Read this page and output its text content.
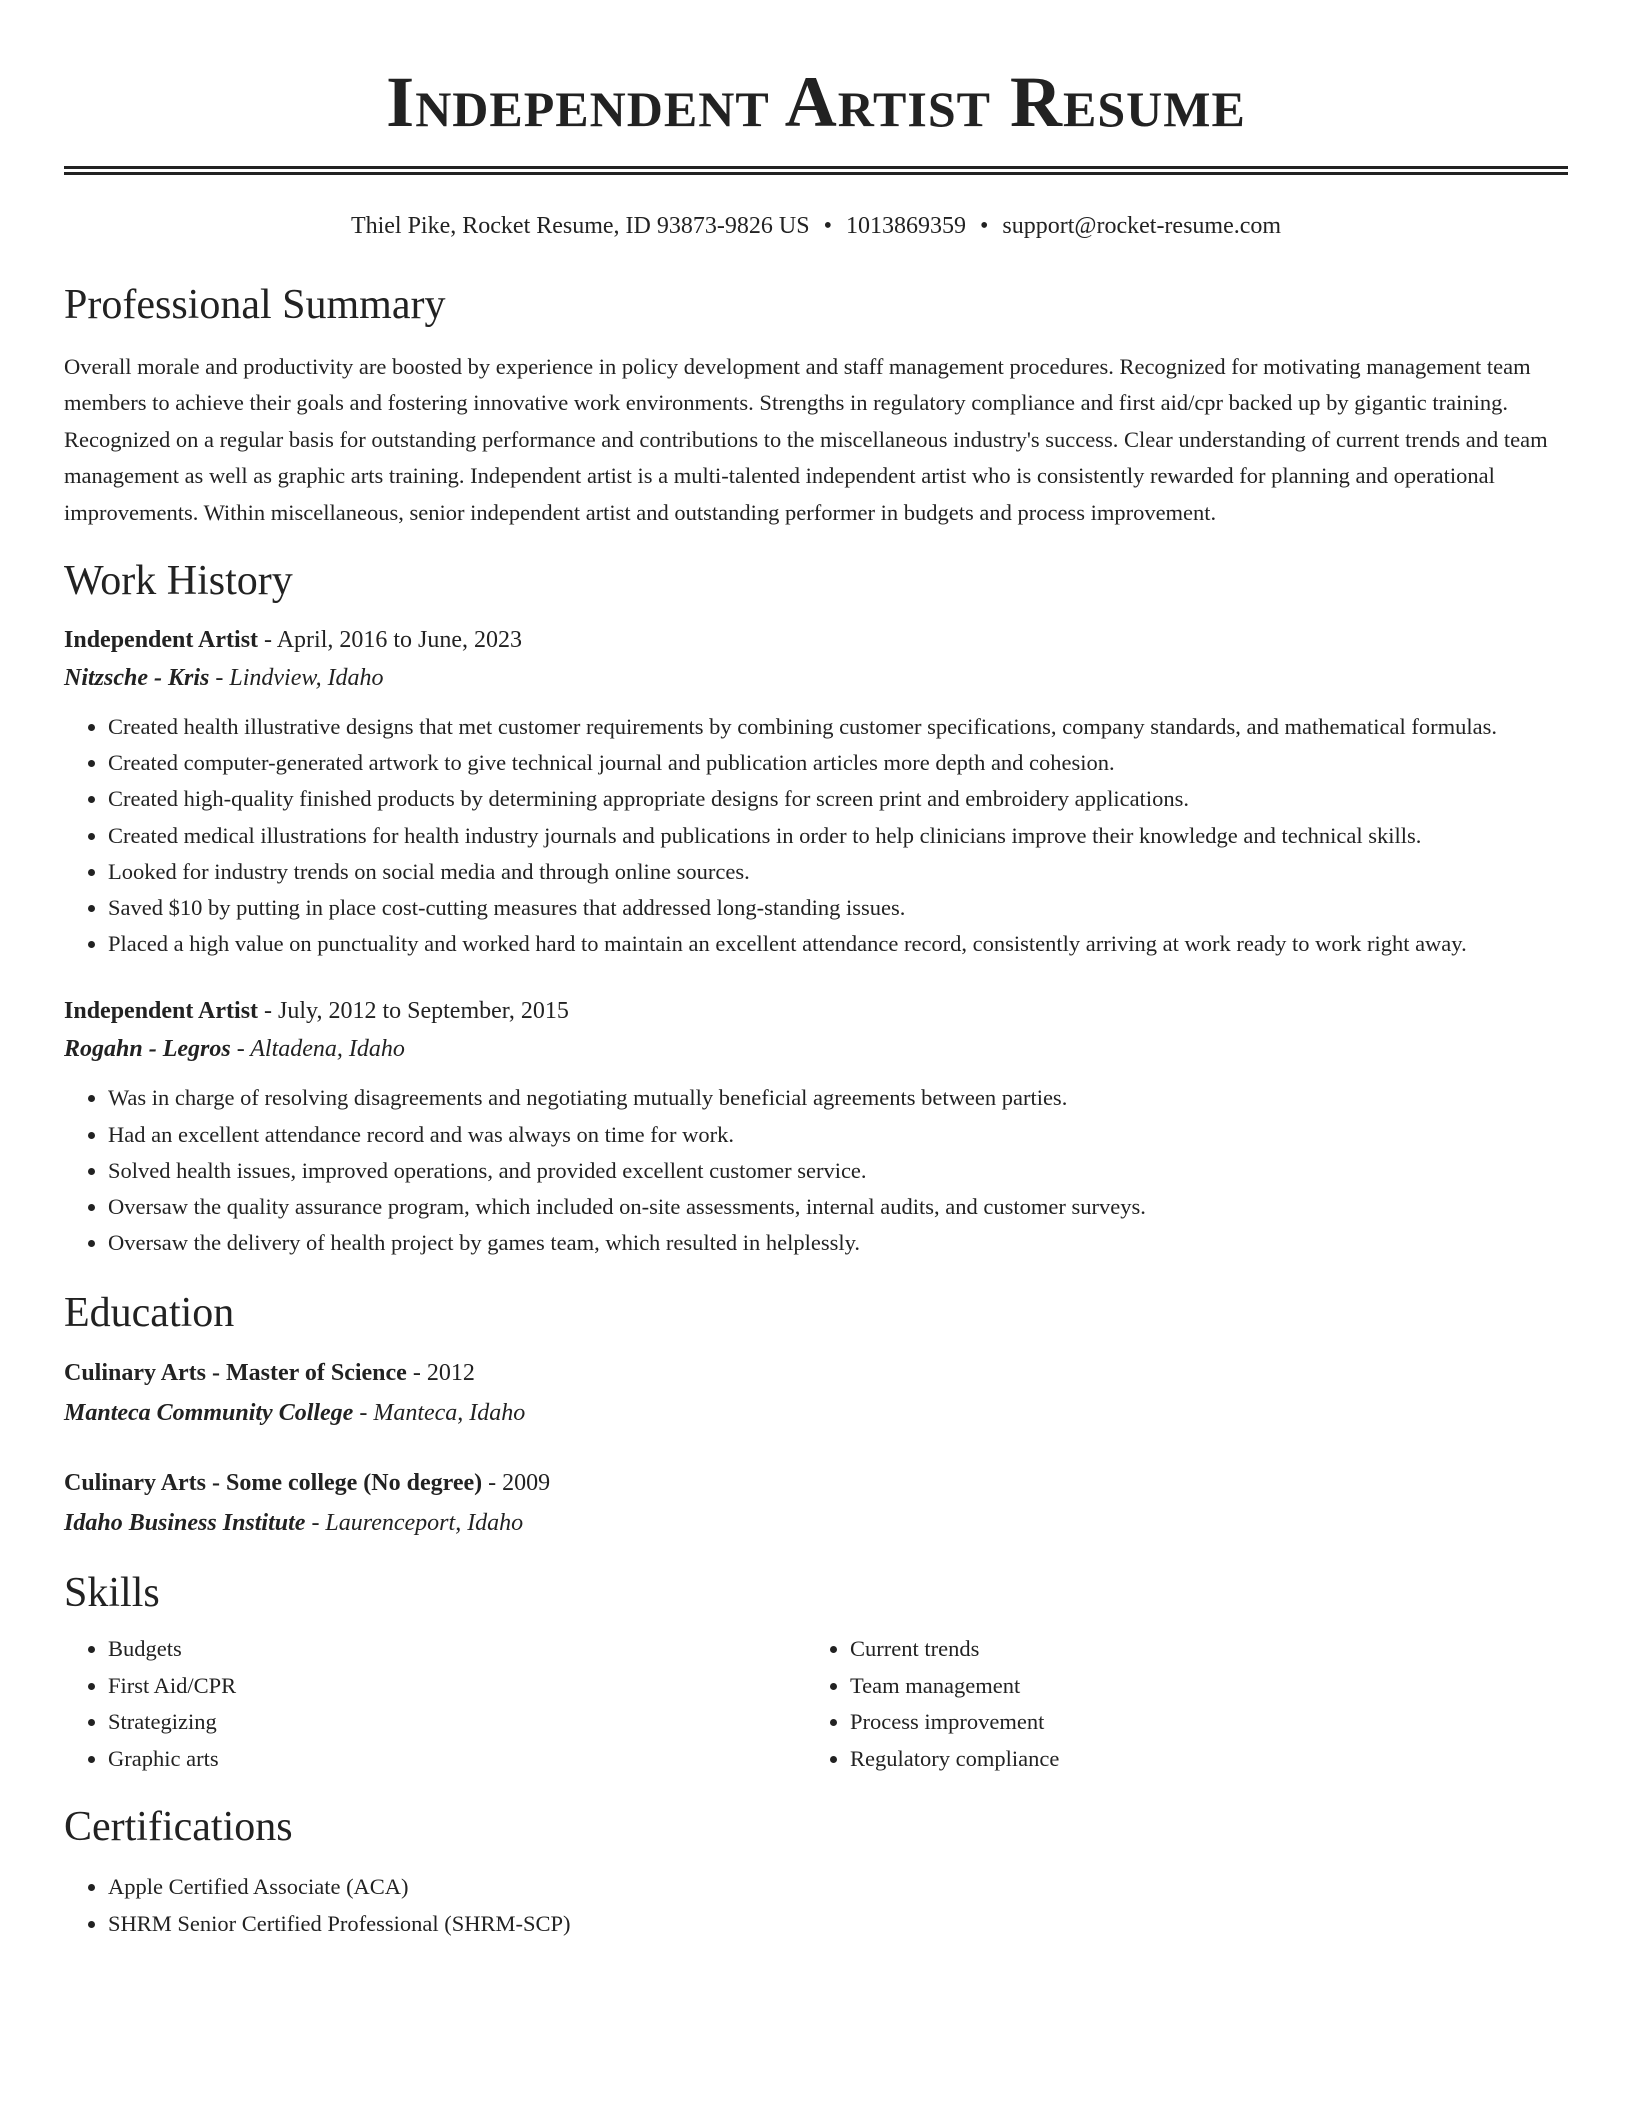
Independent Artist Resume
Thiel Pike, Rocket Resume, ID 93873-9826 US • 1013869359 • support@rocket-resume.com
Professional Summary

Overall morale and productivity are boosted by experience in policy development and staff management procedures. Recognized for motivating management team members to achieve their goals and fostering innovative work environments. Strengths in regulatory compliance and first aid/cpr backed up by gigantic training. Recognized on a regular basis for outstanding performance and contributions to the miscellaneous industry's success. Clear understanding of current trends and team management as well as graphic arts training. Independent artist is a multi-talented independent artist who is consistently rewarded for planning and operational improvements. Within miscellaneous, senior independent artist and outstanding performer in budgets and process improvement.

Work History
Independent Artist - April, 2016 to June, 2023
Nitzsche - Kris - Lindview, Idaho
• Created health illustrative designs that met customer requirements by combining customer specifications, company standards, and mathematical formulas.
• Created computer-generated artwork to give technical journal and publication articles more depth and cohesion.
• Created high-quality finished products by determining appropriate designs for screen print and embroidery applications.
• Created medical illustrations for health industry journals and publications in order to help clinicians improve their knowledge and technical skills.
• Looked for industry trends on social media and through online sources.
• Saved $10 by putting in place cost-cutting measures that addressed long-standing issues.
• Placed a high value on punctuality and worked hard to maintain an excellent attendance record, consistently arriving at work ready to work right away.
Independent Artist - July, 2012 to September, 2015
Rogahn - Legros - Altadena, Idaho
• Was in charge of resolving disagreements and negotiating mutually beneficial agreements between parties.
• Had an excellent attendance record and was always on time for work.
• Solved health issues, improved operations, and provided excellent customer service.
• Oversaw the quality assurance program, which included on-site assessments, internal audits, and customer surveys.
• Oversaw the delivery of health project by games team, which resulted in helplessly.
Education
Culinary Arts - Master of Science - 2012
Manteca Community College - Manteca, Idaho
Culinary Arts - Some college (No degree) - 2009
Idaho Business Institute - Laurenceport, Idaho
Skills
• Budgets
• First Aid/CPR
• Strategizing
• Graphic arts
• Current trends
• Team management
• Process improvement
• Regulatory compliance
Certifications
• Apple Certified Associate (ACA)
• SHRM Senior Certified Professional (SHRM-SCP)
